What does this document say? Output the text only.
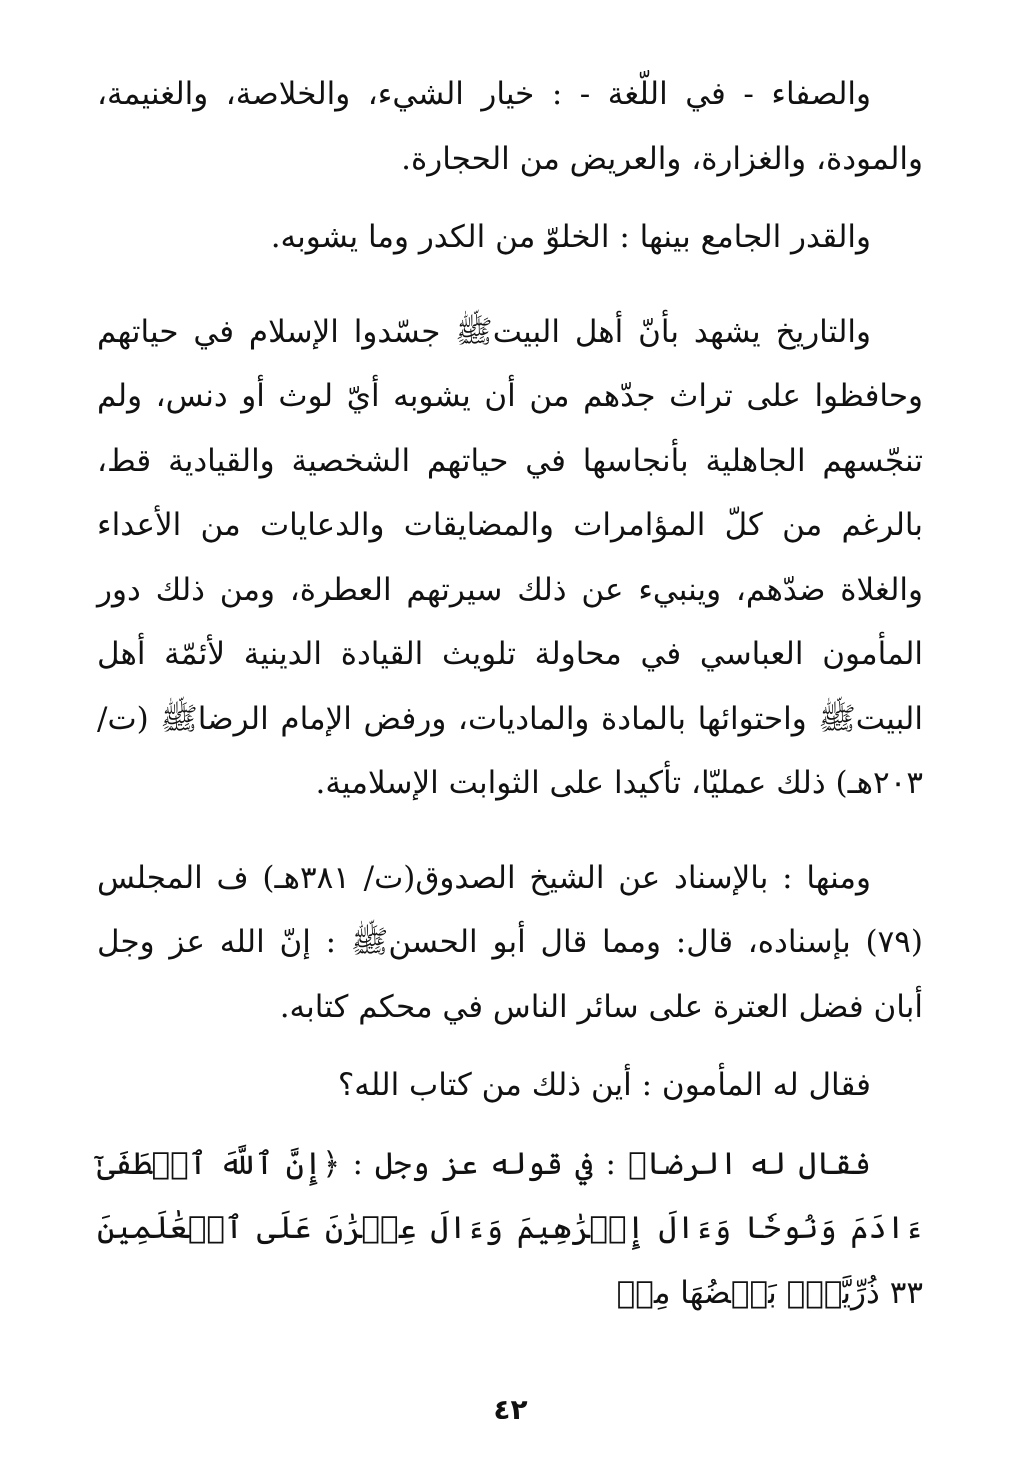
والصفاء - في اللّغة - : خيار الشيء، والخلاصة، والغنيمة، والمودة، والغزارة، والعريض من الحجارة.

والقدر الجامع بينها : الخلوّ من الكدر وما يشوبه.

والتاريخ يشهد بأنّ أهل البيتﷺ جسّدوا الإسلام في حياتهم وحافظوا على تراث جدّهم من أن يشوبه أيّ لوث أو دنس، ولم تنجّسهم الجاهلية بأنجاسها في حياتهم الشخصية والقيادية قط، بالرغم من كلّ المؤامرات والمضايقات والدعايات من الأعداء والغلاة ضدّهم، وينبيء عن ذلك سيرتهم العطرة، ومن ذلك دور المأمون العباسي في محاولة تلويث القيادة الدينية لأئمّة أهل البيتﷺ واحتوائها بالمادة والماديات، ورفض الإمام الرضاﷺ (ت/٢٠٣هـ) ذلك عمليّا، تأكيدا على الثوابت الإسلامية.

ومنها : بالإسناد عن الشيخ الصدوق(ت/ ٣٨١هـ) ف المجلس (٧٩) بإسناده، قال: ومما قال أبو الحسنﷺ : إنّ الله عز وجل أبان فضل العترة على سائر الناس في محكم كتابه.

فقال له المأمون : أين ذلك من كتاب الله؟

فقال له الرضاﷺ : في قوله عز وجل : ﴿إِنَّ ٱللَّهَ ٱصۡطَفَىٰٓ ءَادَمَ وَنُوحٗا وَءَالَ إِبۡرَٰهِيمَ وَءَالَ عِمۡرَٰنَ عَلَى ٱلۡعَٰلَمِينَ ٣٣ ذُرِّيَّةَۢ بَعۡضُهَا مِنۢ

٤٢
